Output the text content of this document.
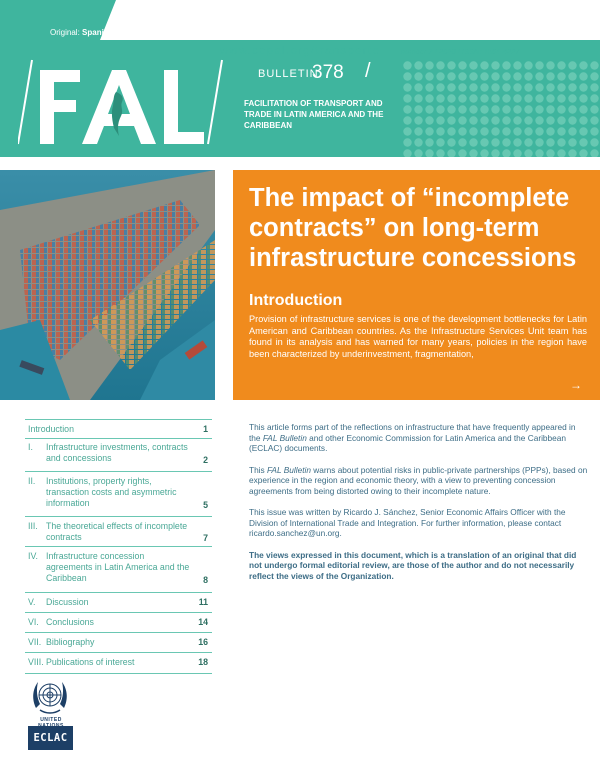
Original: Spanish
FAL
www.cepal.org/transporte	number 2 / 2020 / ISSN: 1564-4227
BULLETIN
378 /
FACILITATION OF TRANSPORT AND TRADE IN LATIN AMERICA AND THE CARIBBEAN
The impact of “incomplete contracts” on long-term infrastructure concessions
Introduction

Provision of infrastructure services is one of the development bottlenecks for Latin American and Caribbean countries. As the Infrastructure Services Unit team has found in its analysis and has warned for many years, policies in the region have been characterized by underinvestment, fragmentation,

→
Introduction	1
I. Infrastructure investments, contracts and concessions	2
II. Institutions, property rights, transaction costs and asymmetric information	5
III. The theoretical effects of incomplete contracts	7
IV. Infrastructure concession agreements in Latin America and the Caribbean	8
V. Discussion	11
VI. Conclusions	14
VII. Bibliography	16
VIII. Publications of interest	18

This article forms part of the reflections on infrastructure that have frequently appeared in the FAL Bulletin and other Economic Commission for Latin America and the Caribbean (ECLAC) documents.

This FAL Bulletin warns about potential risks in public-private partnerships (PPPs), based on experience in the region and economic theory, with a view to preventing concession agreements from being distorted owing to their incomplete nature.

This issue was written by Ricardo J. Sánchez, Senior Economic Affairs Officer with the Division of International Trade and Integration. For further information, please contact ricardo.sanchez@un.org.

The views expressed in this document, which is a translation of an original that did not undergo formal editorial review, are those of the author and do not necessarily reflect the views of the Organization.

UNITED
ECLAC
